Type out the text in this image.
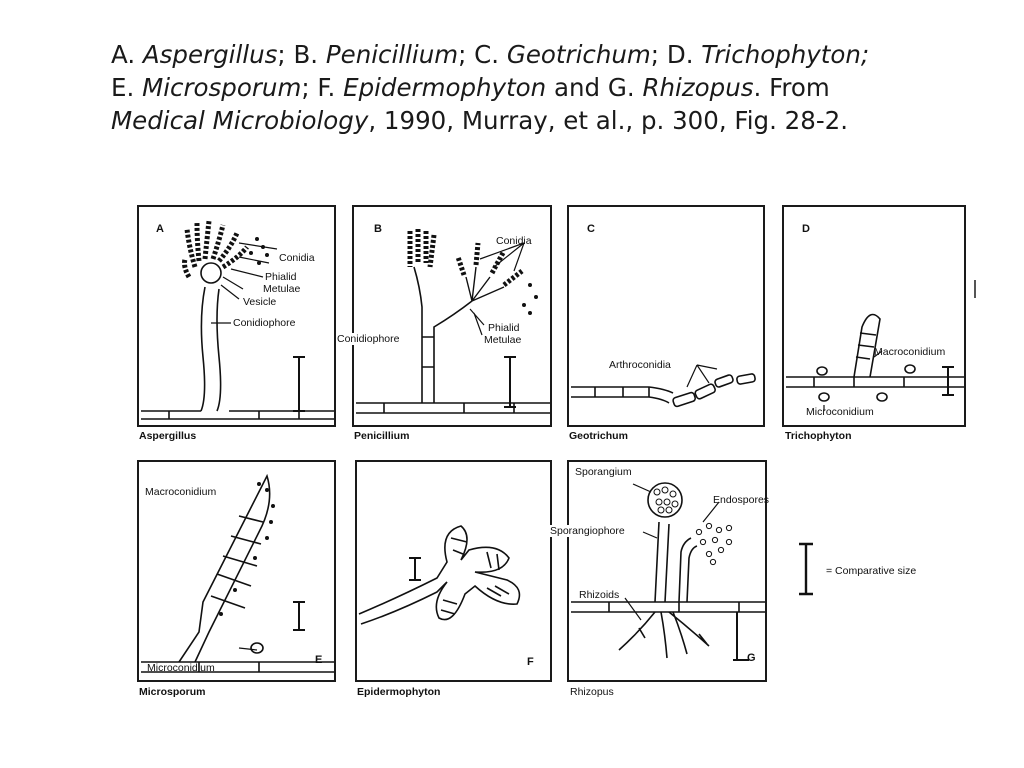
A. Aspergillus; B. Penicillium; C. Geotrichum; D. Trichophyton;
E. Microsporum; F. Epidermophyton and G. Rhizopus. From
Medical Microbiology, 1990, Murray, et al., p. 300, Fig. 28-2.
A
Conidia
Phialid
Metulae
Vesicle
Conidiophore
Aspergillus
B
Conidia
Conidiophore
Phialid
Metulae
Penicillium
C
Arthroconidia
Geotrichum
D
Macroconidium
Microconidium
Trichophyton
Macroconidium
Microconidium
E
Microsporum
F
Epidermophyton
Sporangium
Endospores
Sporangiophore
Rhizoids
G
Rhizopus
= Comparative size
